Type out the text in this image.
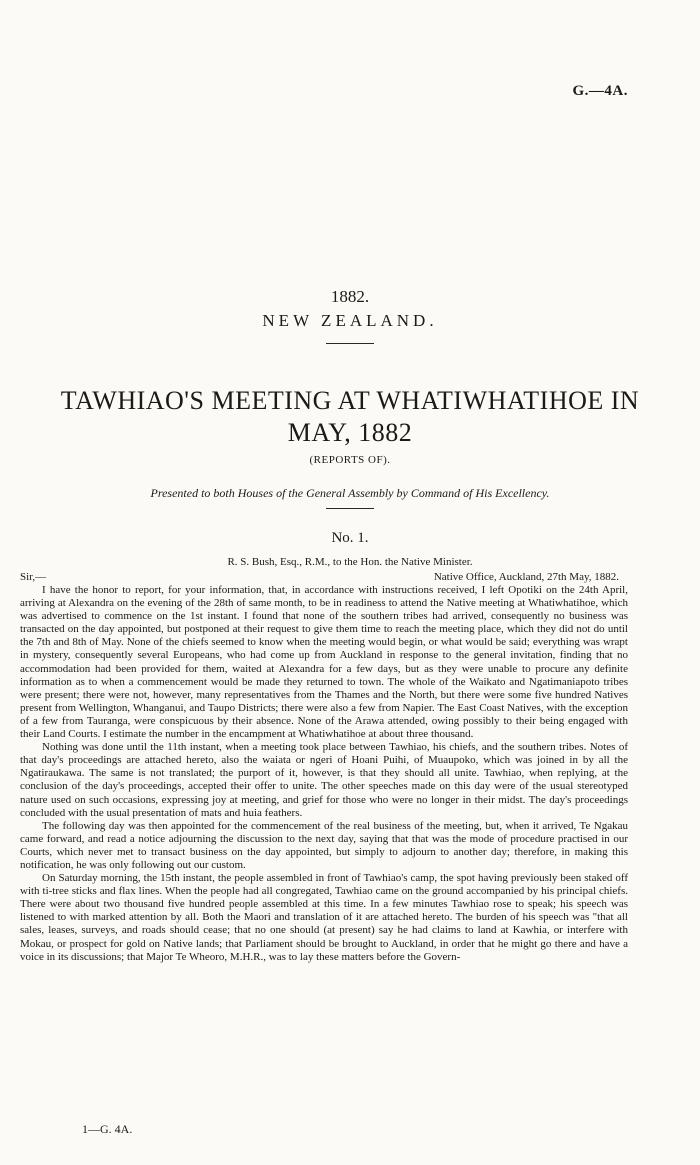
G.—4A.
1882.
NEW ZEALAND.
TAWHIAO'S MEETING AT WHATIWHATIHOE IN
MAY, 1882
(REPORTS OF).
Presented to both Houses of the General Assembly by Command of His Excellency.
No. 1.
R. S. Bush, Esq., R.M., to the Hon. the Native Minister.
Sir,—	Native Office, Auckland, 27th May, 1882.

I have the honor to report, for your information, that, in accordance with instructions received, I left Opotiki on the 24th April, arriving at Alexandra on the evening of the 28th of same month, to be in readiness to attend the Native meeting at Whatiwhatihoe, which was advertised to commence on the 1st instant. I found that none of the southern tribes had arrived, consequently no business was transacted on the day appointed, but postponed at their request to give them time to reach the meeting place, which they did not do until the 7th and 8th of May. None of the chiefs seemed to know when the meeting would begin, or what would be said; everything was wrapt in mystery, consequently several Europeans, who had come up from Auckland in response to the general invitation, finding that no accommodation had been provided for them, waited at Alexandra for a few days, but as they were unable to procure any definite information as to when a commencement would be made they returned to town. The whole of the Waikato and Ngatimaniapoto tribes were present; there were not, however, many representatives from the Thames and the North, but there were some five hundred Natives present from Wellington, Whanganui, and Taupo Districts; there were also a few from Napier. The East Coast Natives, with the exception of a few from Tauranga, were conspicuous by their absence. None of the Arawa attended, owing possibly to their being engaged with their Land Courts. I estimate the number in the encampment at Whatiwhatihoe at about three thousand.

Nothing was done until the 11th instant, when a meeting took place between Tawhiao, his chiefs, and the southern tribes. Notes of that day's proceedings are attached hereto, also the waiata or ngeri of Hoani Puihi, of Muaupoko, which was joined in by all the Ngatiraukawa. The same is not translated; the purport of it, however, is that they should all unite. Tawhiao, when replying, at the conclusion of the day's proceedings, accepted their offer to unite. The other speeches made on this day were of the usual stereotyped nature used on such occasions, expressing joy at meeting, and grief for those who were no longer in their midst. The day's proceedings concluded with the usual presentation of mats and huia feathers.

The following day was then appointed for the commencement of the real business of the meeting, but, when it arrived, Te Ngakau came forward, and read a notice adjourning the discussion to the next day, saying that that was the mode of procedure practised in our Courts, which never met to transact business on the day appointed, but simply to adjourn to another day; therefore, in making this notification, he was only following out our custom.

On Saturday morning, the 15th instant, the people assembled in front of Tawhiao's camp, the spot having previously been staked off with ti-tree sticks and flax lines. When the people had all congregated, Tawhiao came on the ground accompanied by his principal chiefs. There were about two thousand five hundred people assembled at this time. In a few minutes Tawhiao rose to speak; his speech was listened to with marked attention by all. Both the Maori and translation of it are attached hereto. The burden of his speech was "that all sales, leases, surveys, and roads should cease; that no one should (at present) say he had claims to land at Kawhia, or interfere with Mokau, or prospect for gold on Native lands; that Parliament should be brought to Auckland, in order that he might go there and have a voice in its discussions; that Major Te Wheoro, M.H.R., was to lay these matters before the Govern-

1—G. 4A.
